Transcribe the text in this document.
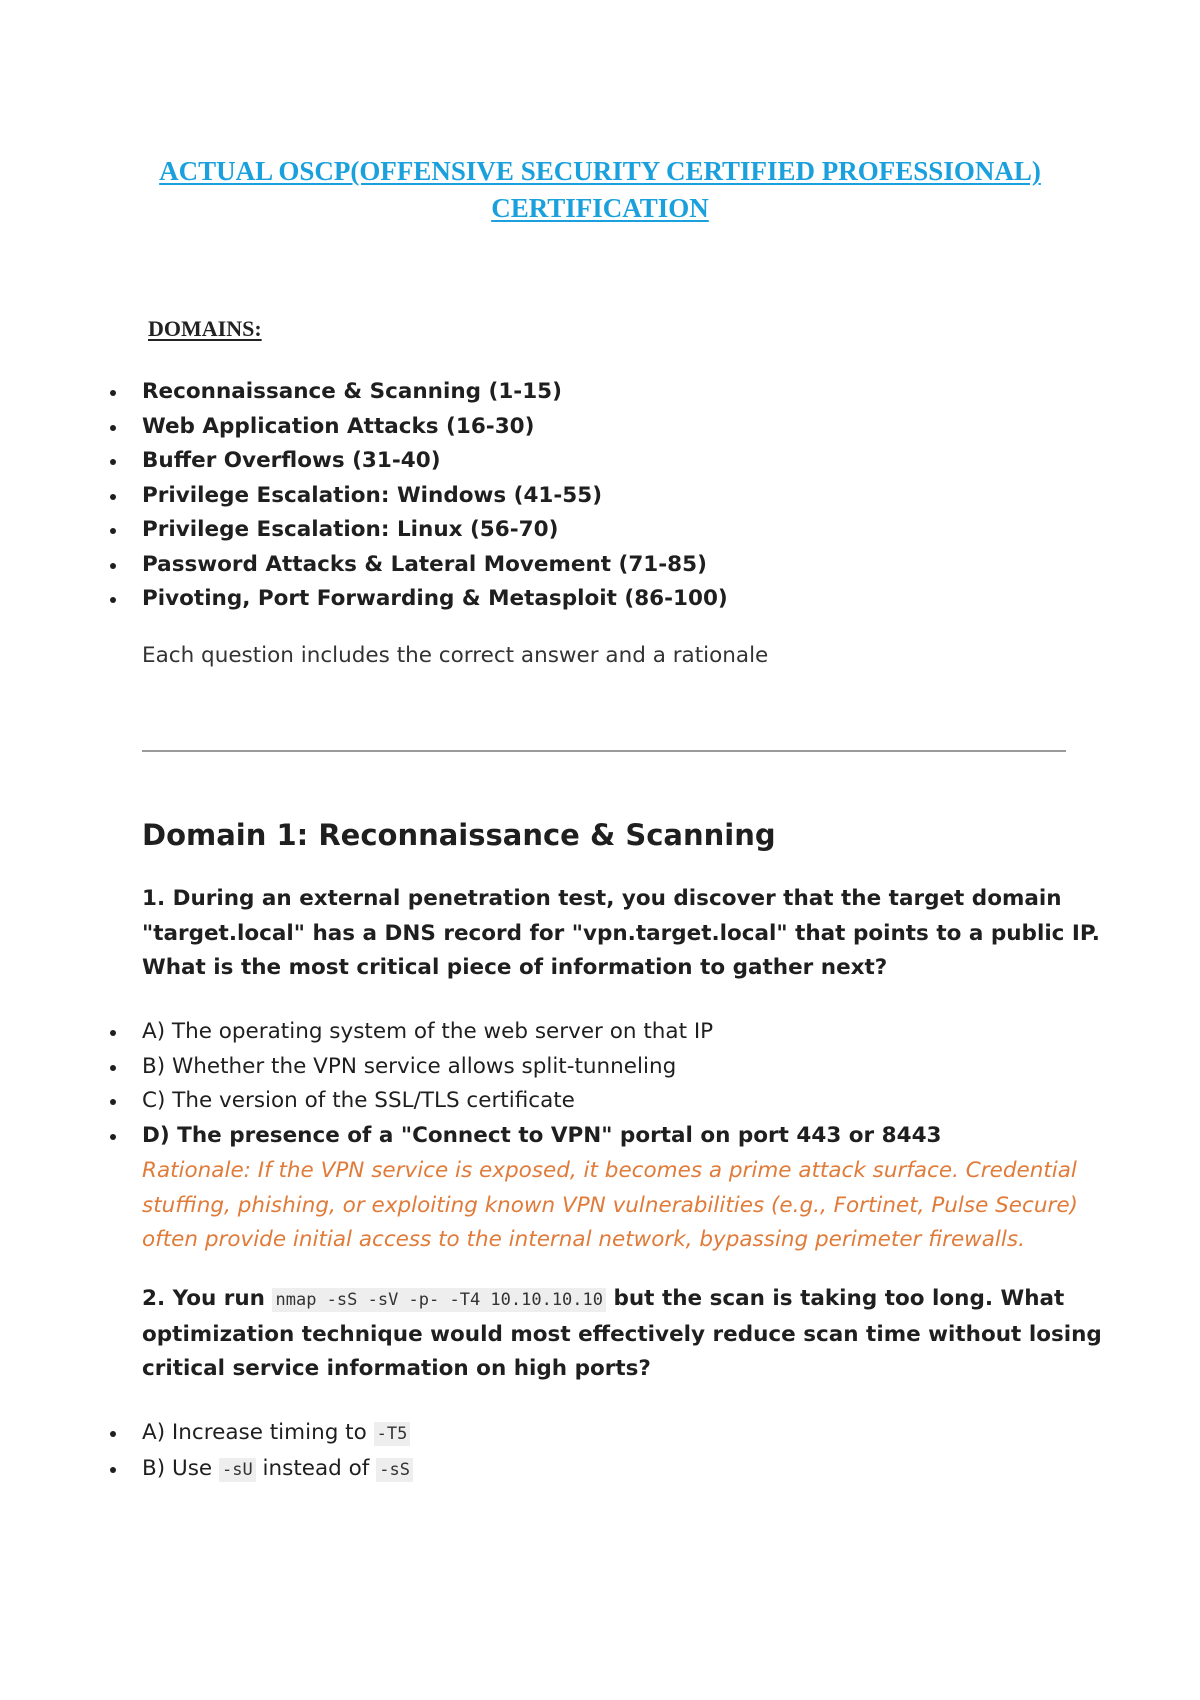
ACTUAL OSCP(OFFENSIVE SECURITY CERTIFIED PROFESSIONAL)
CERTIFICATION
DOMAINS:
Reconnaissance & Scanning (1-15)
Web Application Attacks (16-30)
Buffer Overflows (31-40)
Privilege Escalation: Windows (41-55)
Privilege Escalation: Linux (56-70)
Password Attacks & Lateral Movement (71-85)
Pivoting, Port Forwarding & Metasploit (86-100)
Each question includes the correct answer and a rationale
Domain 1: Reconnaissance & Scanning
1. During an external penetration test, you discover that the target domain
"target.local" has a DNS record for "vpn.target.local" that points to a public IP.
What is the most critical piece of information to gather next?
A) The operating system of the web server on that IP
B) Whether the VPN service allows split-tunneling
C) The version of the SSL/TLS certificate
D) The presence of a "Connect to VPN" portal on port 443 or 8443
Rationale: If the VPN service is exposed, it becomes a prime attack surface. Credential
stuffing, phishing, or exploiting known VPN vulnerabilities (e.g., Fortinet, Pulse Secure)
often provide initial access to the internal network, bypassing perimeter firewalls.
2. You run nmap -sS -sV -p- -T4 10.10.10.10 but the scan is taking too long. What
optimization technique would most effectively reduce scan time without losing
critical service information on high ports?
A) Increase timing to -T5
B) Use -sU instead of -sS
